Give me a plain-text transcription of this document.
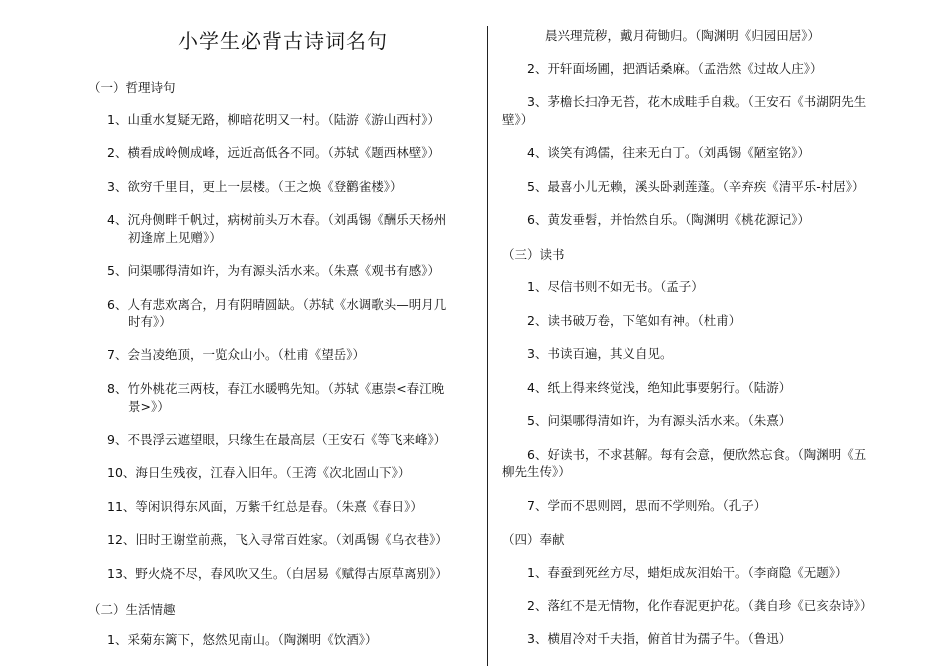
小学生必背古诗词名句
（一）哲理诗句
1、山重水复疑无路，柳暗花明又一村。（陆游《游山西村》）
2、横看成岭侧成峰，远近高低各不同。（苏轼《题西林壁》）
3、欲穷千里目，更上一层楼。（王之焕《登鹳雀楼》）
4、沉舟侧畔千帆过，病树前头万木春。（刘禹锡《酬乐天杨州
初逢席上见赠》）
5、问渠哪得清如许，为有源头活水来。（朱熹《观书有感》）
6、人有悲欢离合，月有阴晴圆缺。（苏轼《水调歌头—明月几
时有》）
7、会当凌绝顶，一览众山小。（杜甫《望岳》）
8、竹外桃花三两枝，春江水暖鸭先知。（苏轼《惠崇<春江晚
景>》）
9、不畏浮云遮望眼，只缘生在最高层（王安石《等飞来峰》）
10、海日生残夜，江春入旧年。（王湾《次北固山下》）
11、等闲识得东风面，万紫千红总是春。（朱熹《春日》）
12、旧时王谢堂前燕，飞入寻常百姓家。（刘禹锡《乌衣巷》）
13、野火烧不尽，春风吹又生。（白居易《赋得古原草离别》）
（二）生活情趣
1、采菊东篱下，悠然见南山。（陶渊明《饮酒》）
晨兴理荒秽，戴月荷锄归。（陶渊明《归园田居》）
2、开轩面场圃，把酒话桑麻。（孟浩然《过故人庄》）
3、茅檐长扫净无苔，花木成畦手自栽。（王安石《书湖阴先生
壁》）
4、谈笑有鸿儒，往来无白丁。（刘禹锡《陋室铭》）
5、最喜小儿无赖，溪头卧剥莲蓬。（辛弃疾《清平乐-村居》）
6、黄发垂髫，并怡然自乐。（陶渊明《桃花源记》）
（三）读书
1、尽信书则不如无书。（孟子）
2、读书破万卷，下笔如有神。（杜甫）
3、书读百遍，其义自见。
4、纸上得来终觉浅，绝知此事要躬行。（陆游）
5、问渠哪得清如许，为有源头活水来。（朱熹）
6、好读书，不求甚解。每有会意，便欣然忘食。（陶渊明《五
柳先生传》）
7、学而不思则罔，思而不学则殆。（孔子）
（四）奉献
1、春蚕到死丝方尽，蜡炬成灰泪始干。（李商隐《无题》）
2、落红不是无情物，化作春泥更护花。（龚自珍《已亥杂诗》）
3、横眉冷对千夫指，俯首甘为孺子牛。（鲁迅）
